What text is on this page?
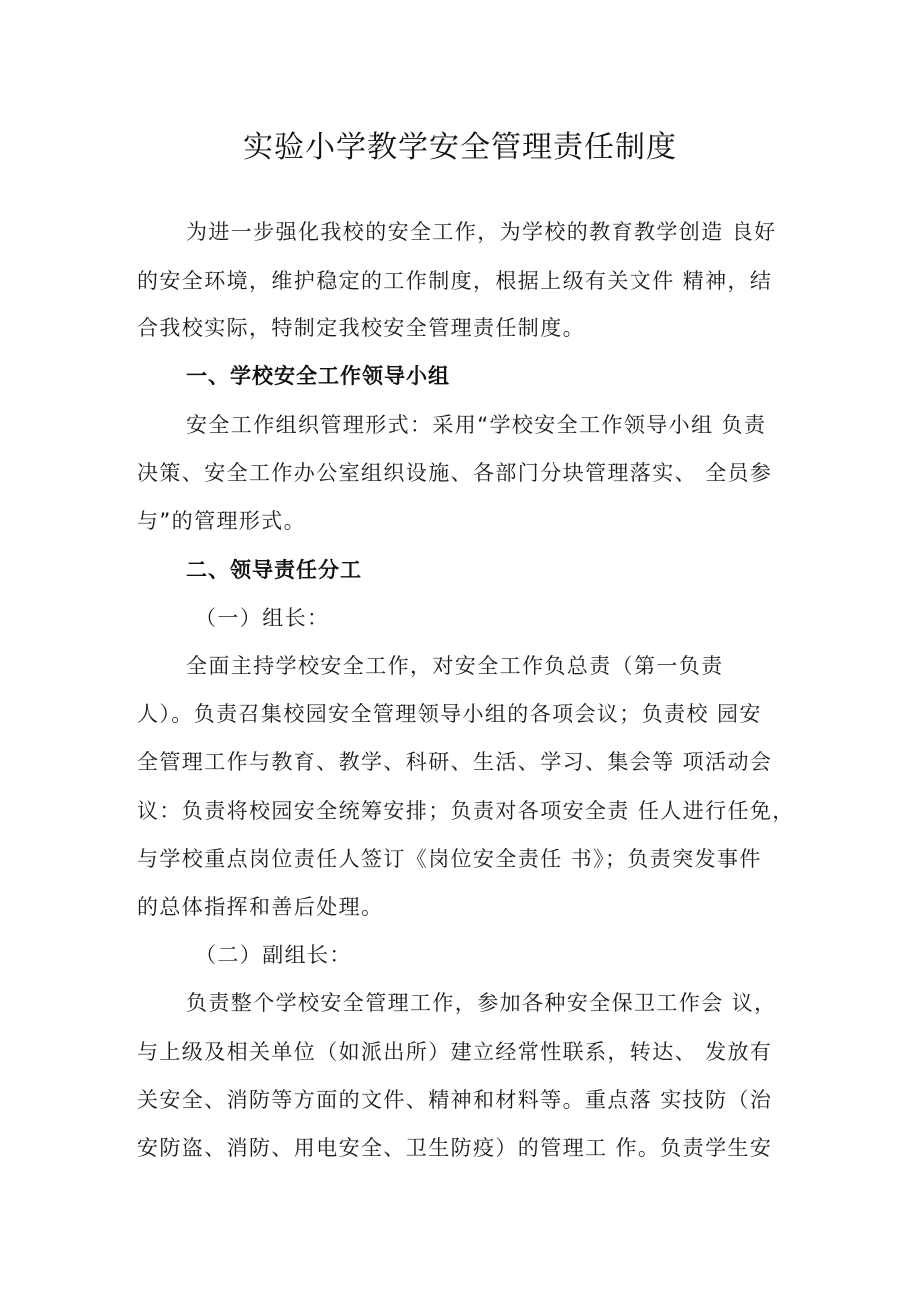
实验小学教学安全管理责任制度
为进一步强化我校的安全工作，为学校的教育教学创造 良好
的安全环境，维护稳定的工作制度，根据上级有关文件 精神，结
合我校实际，特制定我校安全管理责任制度。
一、学校安全工作领导小组
安全工作组织管理形式：采用“学校安全工作领导小组 负责
决策、安全工作办公室组织设施、各部门分块管理落实、 全员参
与”的管理形式。
二、领导责任分工
（一）组长：
全面主持学校安全工作，对安全工作负总责（第一负责
人）。负责召集校园安全管理领导小组的各项会议；负责校 园安
全管理工作与教育、教学、科研、生活、学习、集会等 项活动会
议：负责将校园安全统筹安排；负责对各项安全责 任人进行任免，
与学校重点岗位责任人签订《岗位安全责任 书》；负责突发事件
的总体指挥和善后处理。
（二）副组长：
负责整个学校安全管理工作，参加各种安全保卫工作会 议，
与上级及相关单位（如派出所）建立经常性联系，转达、 发放有
关安全、消防等方面的文件、精神和材料等。重点落 实技防（治
安防盗、消防、用电安全、卫生防疫）的管理工 作。负责学生安
